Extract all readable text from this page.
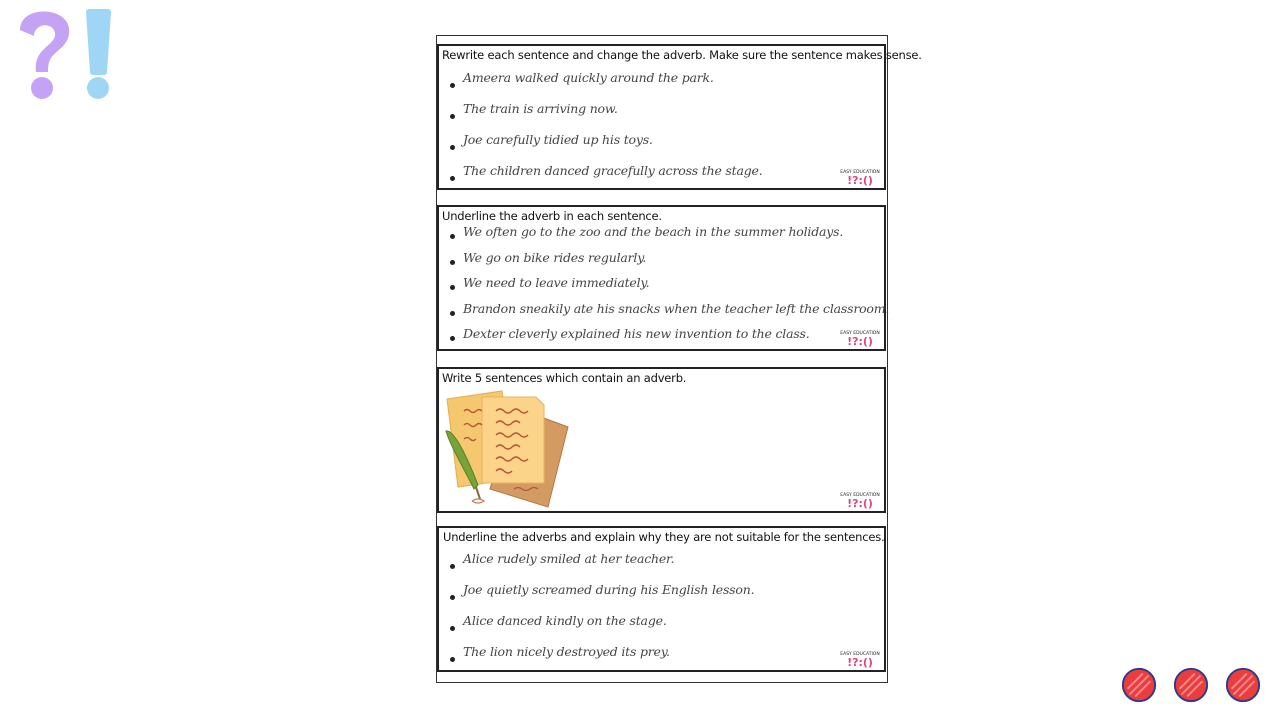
Rewrite each sentence and change the adverb. Make sure the sentence makes sense.
Ameera walked quickly around the park.
The train is arriving now.
Joe carefully tidied up his toys.
The children danced gracefully across the stage.	EASY EDUCATION
!?:()
Underline the adverb in each sentence.
We often go to the zoo and the beach in the summer holidays.
We go on bike rides regularly.
We need to leave immediately.
Brandon sneakily ate his snacks when the teacher left the classroom.
Dexter cleverly explained his new invention to the class.	EASY EDUCATION
!?:()
Write 5 sentences which contain an adverb.
EASY EDUCATION
!?:()
Underline the adverbs and explain why they are not suitable for the sentences.
Alice rudely smiled at her teacher.
Joe quietly screamed during his English lesson.
Alice danced kindly on the stage.
The lion nicely destroyed its prey.	EASY EDUCATION
!?:()
